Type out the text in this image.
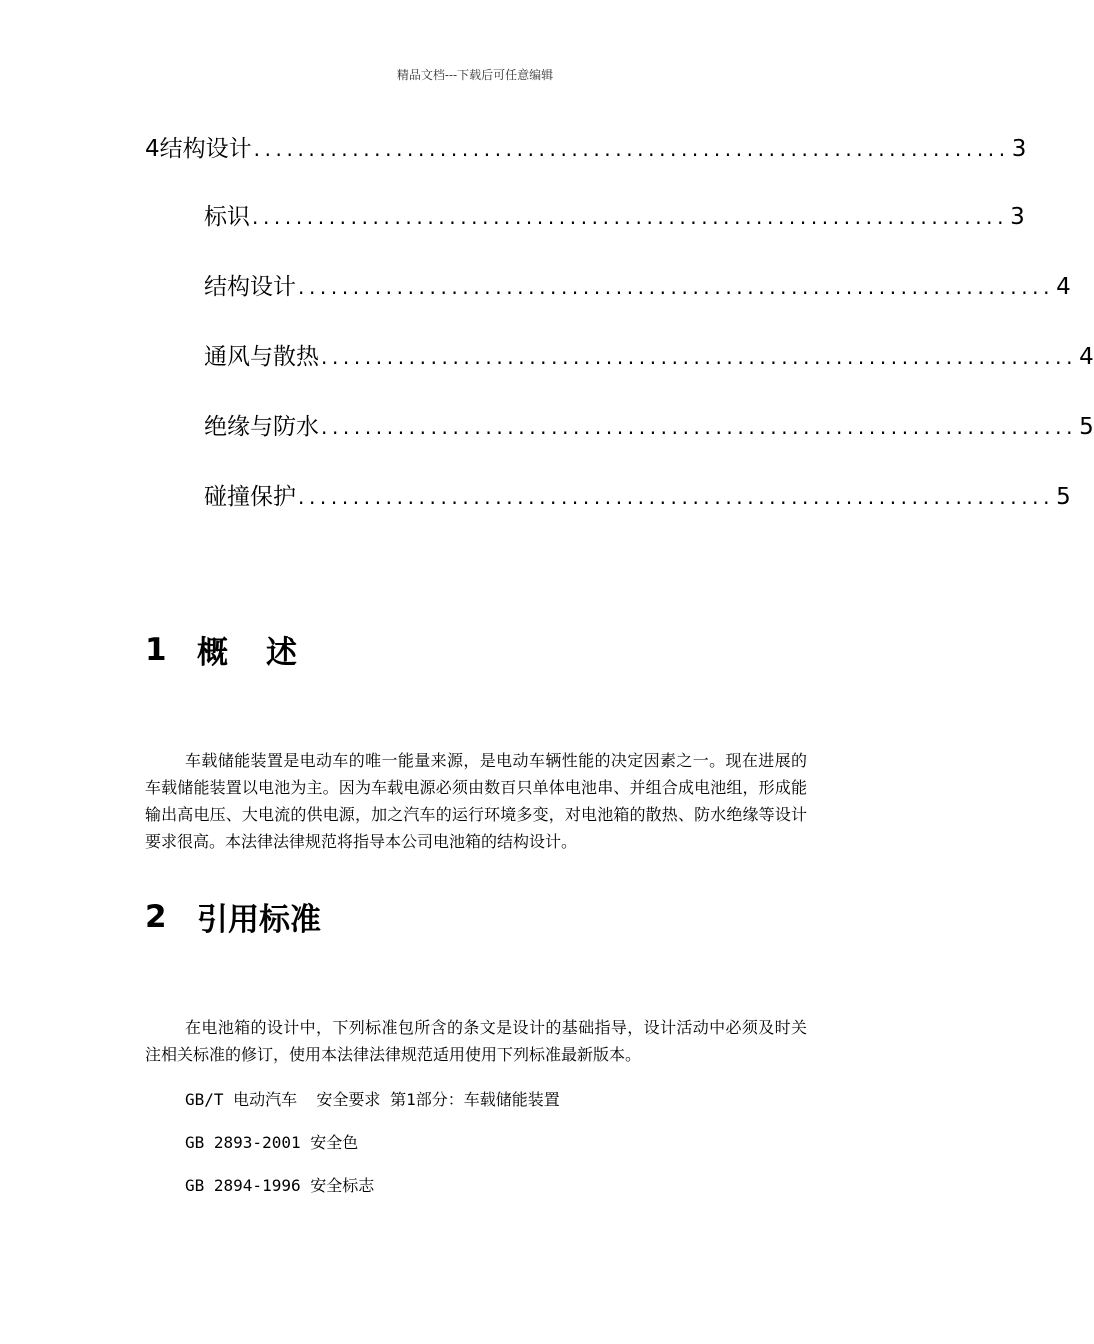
精品文档---下载后可任意编辑
4 结构设计 ..................................................................... 3
标识 ..................................................................... 3
结构设计 ..................................................................... 4
通风与散热 ..................................................................... 4
绝缘与防水 ..................................................................... 5
碰撞保护 ..................................................................... 5
1 概述
车载储能装置是电动车的唯一能量来源，是电动车辆性能的决定因素之一。现在进展的车载储能装置以电池为主。因为车载电源必须由数百只单体电池串、并组合成电池组，形成能输出高电压、大电流的供电源，加之汽车的运行环境多变，对电池箱的散热、防水绝缘等设计要求很高。本法律法律规范将指导本公司电池箱的结构设计。
2 引用标准
在电池箱的设计中，下列标准包所含的条文是设计的基础指导，设计活动中必须及时关注相关标准的修订，使用本法律法律规范适用使用下列标准最新版本。
GB/T 电动汽车  安全要求 第1部分：车载储能装置
GB 2893-2001 安全色
GB 2894-1996 安全标志
